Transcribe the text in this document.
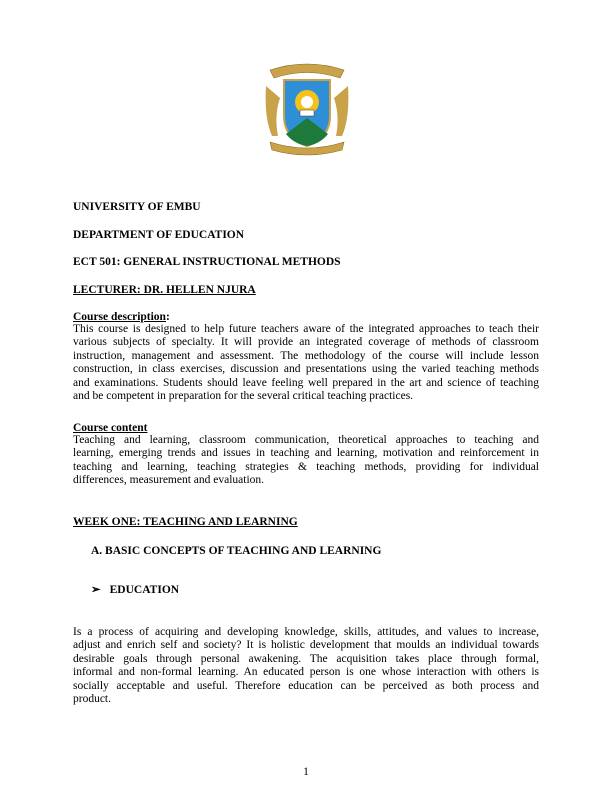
UNIVERSITY OF EMBU
DEPARTMENT OF EDUCATION
ECT 501: GENERAL INSTRUCTIONAL METHODS
LECTURER: DR. HELLEN NJURA
Course description:
This course is designed to help future teachers aware of the integrated approaches to teach their
various subjects of specialty. It will provide an integrated coverage of methods of classroom
instruction, management and assessment. The methodology of the course will include lesson
construction, in class exercises, discussion and presentations using the varied teaching methods
and examinations. Students should leave feeling well prepared in the art and science of teaching
and be competent in preparation for the several critical teaching practices.
Course content
Teaching and learning, classroom communication, theoretical approaches to teaching and
learning, emerging trends and issues in teaching and learning, motivation and reinforcement in
teaching and learning, teaching strategies & teaching methods, providing for individual
differences, measurement and evaluation.
WEEK ONE: TEACHING AND LEARNING
A. BASIC CONCEPTS OF TEACHING AND LEARNING
➢ EDUCATION
Is a process of acquiring and developing knowledge, skills, attitudes, and values to increase,
adjust and enrich self and society? It is holistic development that moulds an individual towards
desirable goals through personal awakening. The acquisition takes place through formal,
informal and non-formal learning. An educated person is one whose interaction with others is
socially acceptable and useful. Therefore education can be perceived as both process and
product.
1
